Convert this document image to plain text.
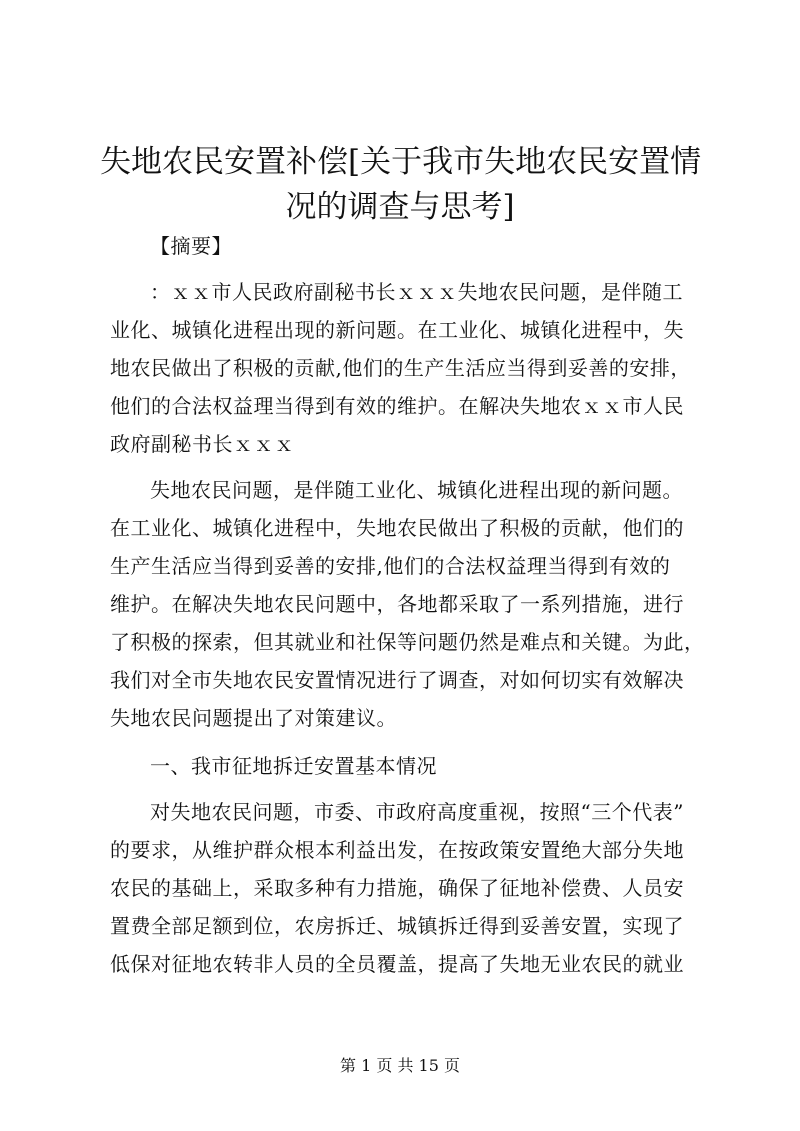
失地农民安置补偿[关于我市失地农民安置情
况的调查与思考]
【摘要】
：ｘｘ市人民政府副秘书长ｘｘｘ失地农民问题，是伴随工
业化、城镇化进程出现的新问题。在工业化、城镇化进程中，失
地农民做出了积极的贡献,他们的生产生活应当得到妥善的安排，
他们的合法权益理当得到有效的维护。在解决失地农ｘｘ市人民
政府副秘书长ｘｘｘ
失地农民问题，是伴随工业化、城镇化进程出现的新问题。
在工业化、城镇化进程中，失地农民做出了积极的贡献，他们的
生产生活应当得到妥善的安排,他们的合法权益理当得到有效的
维护。在解决失地农民问题中，各地都采取了一系列措施，进行
了积极的探索，但其就业和社保等问题仍然是难点和关键。为此，
我们对全市失地农民安置情况进行了调查，对如何切实有效解决
失地农民问题提出了对策建议。
一、我市征地拆迁安置基本情况
对失地农民问题，市委、市政府高度重视，按照“三个代表”
的要求，从维护群众根本利益出发，在按政策安置绝大部分失地
农民的基础上，采取多种有力措施，确保了征地补偿费、人员安
置费全部足额到位，农房拆迁、城镇拆迁得到妥善安置，实现了
低保对征地农转非人员的全员覆盖，提高了失地无业农民的就业
第 1 页 共 15 页
